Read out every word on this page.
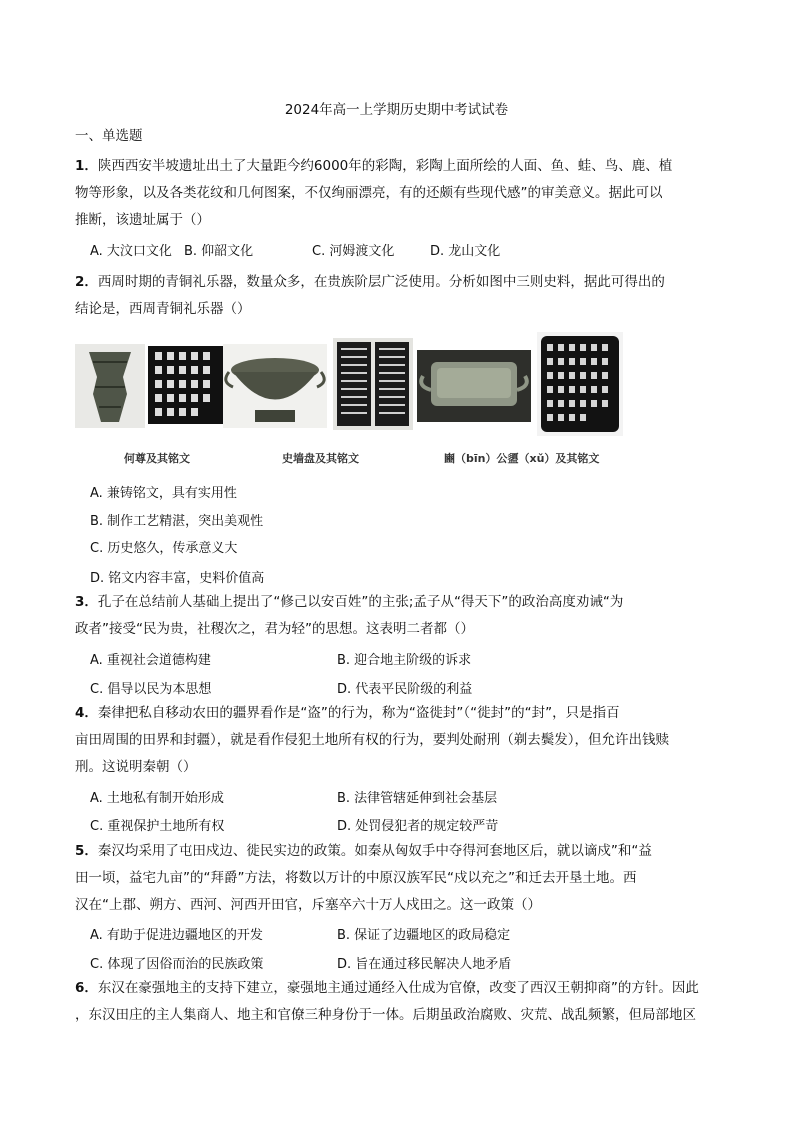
2024年高一上学期历史期中考试试卷
一、单选题
1．陕西西安半坡遗址出土了大量距今约6000年的彩陶，彩陶上面所绘的人面、鱼、蛙、鸟、鹿、植
物等形象，以及各类花纹和几何图案，不仅绚丽漂亮，有的还颇有些现代感”的审美意义。据此可以
推断，该遗址属于（）
A. 大汶口文化 B. 仰韶文化	C. 河姆渡文化	D. 龙山文化
2．西周时期的青铜礼乐器，数量众多，在贵族阶层广泛使用。分析如图中三则史料，据此可得出的
结论是，西周青铜礼乐器（）
何尊及其铭文	史墙盘及其铭文	豳（bīn）公盨（xǔ）及其铭文
A. 兼铸铭文，具有实用性
B. 制作工艺精湛，突出美观性
C. 历史悠久，传承意义大
D. 铭文内容丰富，史料价值高
3．孔子在总结前人基础上提出了“修己以安百姓”的主张;孟子从“得天下”的政治高度劝诫“为
政者”接受“民为贵，社稷次之，君为轻”的思想。这表明二者都（）
A. 重视社会道德构建	B. 迎合地主阶级的诉求
C. 倡导以民为本思想	D. 代表平民阶级的利益
4．秦律把私自移动农田的疆界看作是“盗”的行为，称为“盗徙封”（“徙封”的“封”，只是指百
亩田周围的田界和封疆），就是看作侵犯土地所有权的行为，要判处耐刑（剃去鬓发），但允许出钱赎
刑。这说明秦朝（）
A. 土地私有制开始形成	B. 法律管辖延伸到社会基层
C. 重视保护土地所有权	D. 处罚侵犯者的规定较严苛
5．秦汉均采用了屯田戍边、徙民实边的政策。如秦从匈奴手中夺得河套地区后，就以谪戍”和“益
田一顷，益宅九亩”的“拜爵”方法，将数以万计的中原汉族军民“戍以充之”和迁去开垦土地。西
汉在“上郡、朔方、西河、河西开田官，斥塞卒六十万人戍田之。这一政策（）
A. 有助于促进边疆地区的开发	B. 保证了边疆地区的政局稳定
C. 体现了因俗而治的民族政策	D. 旨在通过移民解决人地矛盾
6．东汉在豪强地主的支持下建立，豪强地主通过通经入仕成为官僚，改变了西汉王朝抑商”的方针。因此
，东汉田庄的主人集商人、地主和官僚三种身份于一体。后期虽政治腐败、灾荒、战乱频繁，但局部地区
